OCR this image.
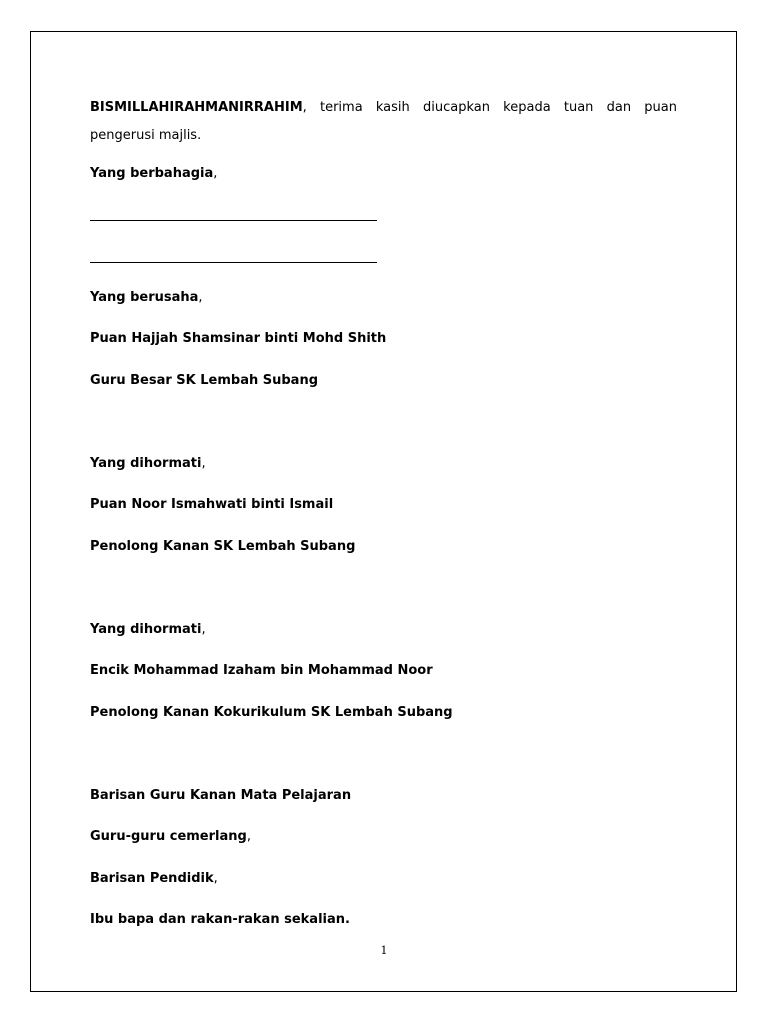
BISMILLAHIRAHMANIRRAHIM, terima kasih diucapkan kepada tuan dan puan pengerusi majlis.
Yang berbahagia,
Yang berusaha,
Puan Hajjah Shamsinar binti Mohd Shith
Guru Besar SK Lembah Subang
Yang dihormati,
Puan Noor Ismahwati binti Ismail
Penolong Kanan SK Lembah Subang
Yang dihormati,
Encik Mohammad Izaham bin Mohammad Noor
Penolong Kanan Kokurikulum SK Lembah Subang
Barisan Guru Kanan Mata Pelajaran
Guru-guru cemerlang,
Barisan Pendidik,
Ibu bapa dan rakan-rakan sekalian.
1
